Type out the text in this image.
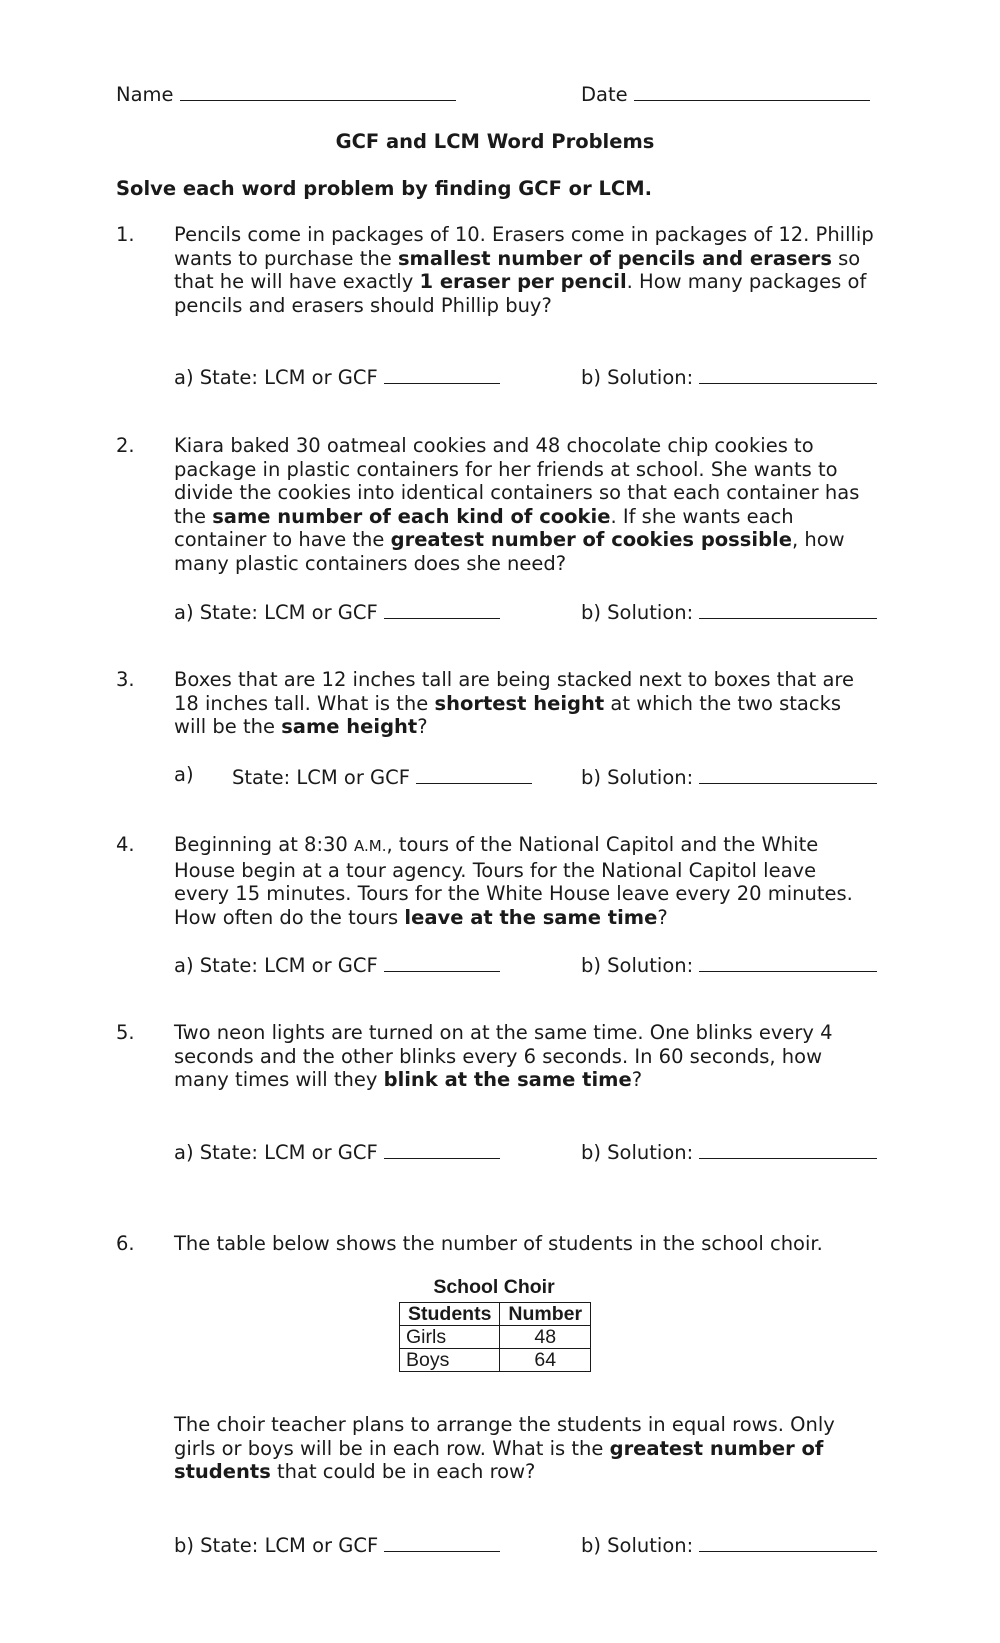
Name	Date
GCF and LCM Word Problems
Solve each word problem by finding GCF or LCM.
1.	Pencils come in packages of 10. Erasers come in packages of 12. Phillip wants to purchase the smallest number of pencils and erasers so that he will have exactly 1 eraser per pencil. How many packages of pencils and erasers should Phillip buy?
a) State: LCM or GCF	b) Solution:
2.	Kiara baked 30 oatmeal cookies and 48 chocolate chip cookies to package in plastic containers for her friends at school. She wants to divide the cookies into identical containers so that each container has the same number of each kind of cookie. If she wants each container to have the greatest number of cookies possible, how many plastic containers does she need?
a) State: LCM or GCF	b) Solution:
3.	Boxes that are 12 inches tall are being stacked next to boxes that are 18 inches tall. What is the shortest height at which the two stacks will be the same height?
a) State: LCM or GCF	b) Solution:
4.	Beginning at 8:30 A.M., tours of the National Capitol and the White House begin at a tour agency. Tours for the National Capitol leave every 15 minutes. Tours for the White House leave every 20 minutes. How often do the tours leave at the same time?
a) State: LCM or GCF	b) Solution:
5.	Two neon lights are turned on at the same time. One blinks every 4 seconds and the other blinks every 6 seconds. In 60 seconds, how many times will they blink at the same time?
a) State: LCM or GCF	b) Solution:
6.	The table below shows the number of students in the school choir.
School Choir
Students	Number
Girls	48
Boys	64
The choir teacher plans to arrange the students in equal rows. Only girls or boys will be in each row. What is the greatest number of students that could be in each row?
b) State: LCM or GCF	b) Solution:
